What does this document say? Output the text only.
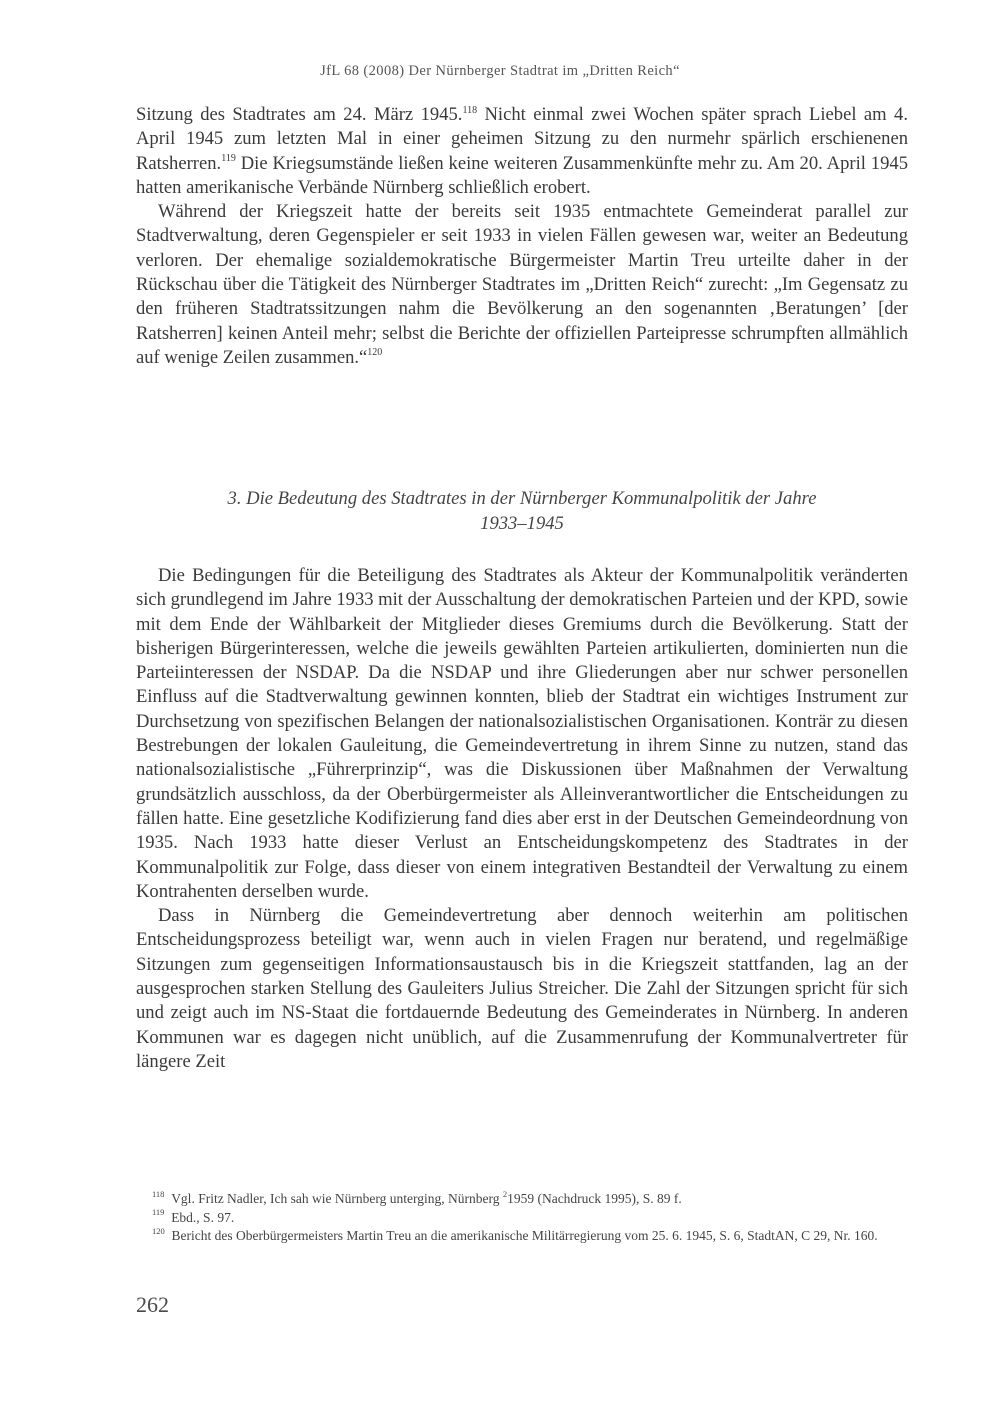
JfL 68 (2008) Der Nürnberger Stadtrat im „Dritten Reich“

Sitzung des Stadtrates am 24. März 1945.$^{118}$ Nicht einmal zwei Wochen später sprach Liebel am 4. April 1945 zum letzten Mal in einer geheimen Sitzung zu den nurmehr spärlich erschienenen Ratsherren.$^{119}$ Die Kriegsumstände ließen keine weiteren Zusammenkünfte mehr zu. Am 20. April 1945 hatten amerikanische Verbände Nürnberg schließlich erobert.

Während der Kriegszeit hatte der bereits seit 1935 entmachtete Gemeinderat parallel zur Stadtverwaltung, deren Gegenspieler er seit 1933 in vielen Fällen gewesen war, weiter an Bedeutung verloren. Der ehemalige sozialdemokratische Bürgermeister Martin Treu urteilte daher in der Rückschau über die Tätigkeit des Nürnberger Stadtrates im „Dritten Reich“ zurecht: „Im Gegensatz zu den früheren Stadtratssitzungen nahm die Bevölkerung an den sogenannten ‚Beratungen’ [der Ratsherren] keinen Anteil mehr; selbst die Berichte der offiziellen Parteipresse schrumpften allmählich auf wenige Zeilen zusammen.“$^{120}$

3. Die Bedeutung des Stadtrates in der Nürnberger Kommunalpolitik der Jahre
1933–1945

Die Bedingungen für die Beteiligung des Stadtrates als Akteur der Kommunalpolitik veränderten sich grundlegend im Jahre 1933 mit der Ausschaltung der demokratischen Parteien und der KPD, sowie mit dem Ende der Wählbarkeit der Mitglieder dieses Gremiums durch die Bevölkerung. Statt der bisherigen Bürgerinteressen, welche die jeweils gewählten Parteien artikulierten, dominierten nun die Parteiinteressen der NSDAP. Da die NSDAP und ihre Gliederungen aber nur schwer personellen Einfluss auf die Stadtverwaltung gewinnen konnten, blieb der Stadtrat ein wichtiges Instrument zur Durchsetzung von spezifischen Belangen der nationalsozialistischen Organisationen. Konträr zu diesen Bestrebungen der lokalen Gauleitung, die Gemeindevertretung in ihrem Sinne zu nutzen, stand das nationalsozialistische „Führerprinzip“, was die Diskussionen über Maßnahmen der Verwaltung grundsätzlich ausschloss, da der Oberbürgermeister als Alleinverantwortlicher die Entscheidungen zu fällen hatte. Eine gesetzliche Kodifizierung fand dies aber erst in der Deutschen Gemeindeordnung von 1935. Nach 1933 hatte dieser Verlust an Entscheidungskompetenz des Stadtrates in der Kommunalpolitik zur Folge, dass dieser von einem integrativen Bestandteil der Verwaltung zu einem Kontrahenten derselben wurde.

Dass in Nürnberg die Gemeindevertretung aber dennoch weiterhin am politischen Entscheidungsprozess beteiligt war, wenn auch in vielen Fragen nur beratend, und regelmäßige Sitzungen zum gegenseitigen Informationsaustausch bis in die Kriegszeit stattfanden, lag an der ausgesprochen starken Stellung des Gauleiters Julius Streicher. Die Zahl der Sitzungen spricht für sich und zeigt auch im NS-Staat die fortdauernde Bedeutung des Gemeinderates in Nürnberg. In anderen Kommunen war es dagegen nicht unüblich, auf die Zusammenrufung der Kommunalvertreter für längere Zeit

$^{118}$  Vgl. Fritz Nadler, Ich sah wie Nürnberg unterging, Nürnberg $^2$1959 (Nachdruck 1995), S. 89 f.

$^{119}$  Ebd., S. 97.

$^{120}$  Bericht des Oberbürgermeisters Martin Treu an die amerikanische Militärregierung vom 25. 6. 1945, S. 6, StadtAN, C 29, Nr. 160.

262
